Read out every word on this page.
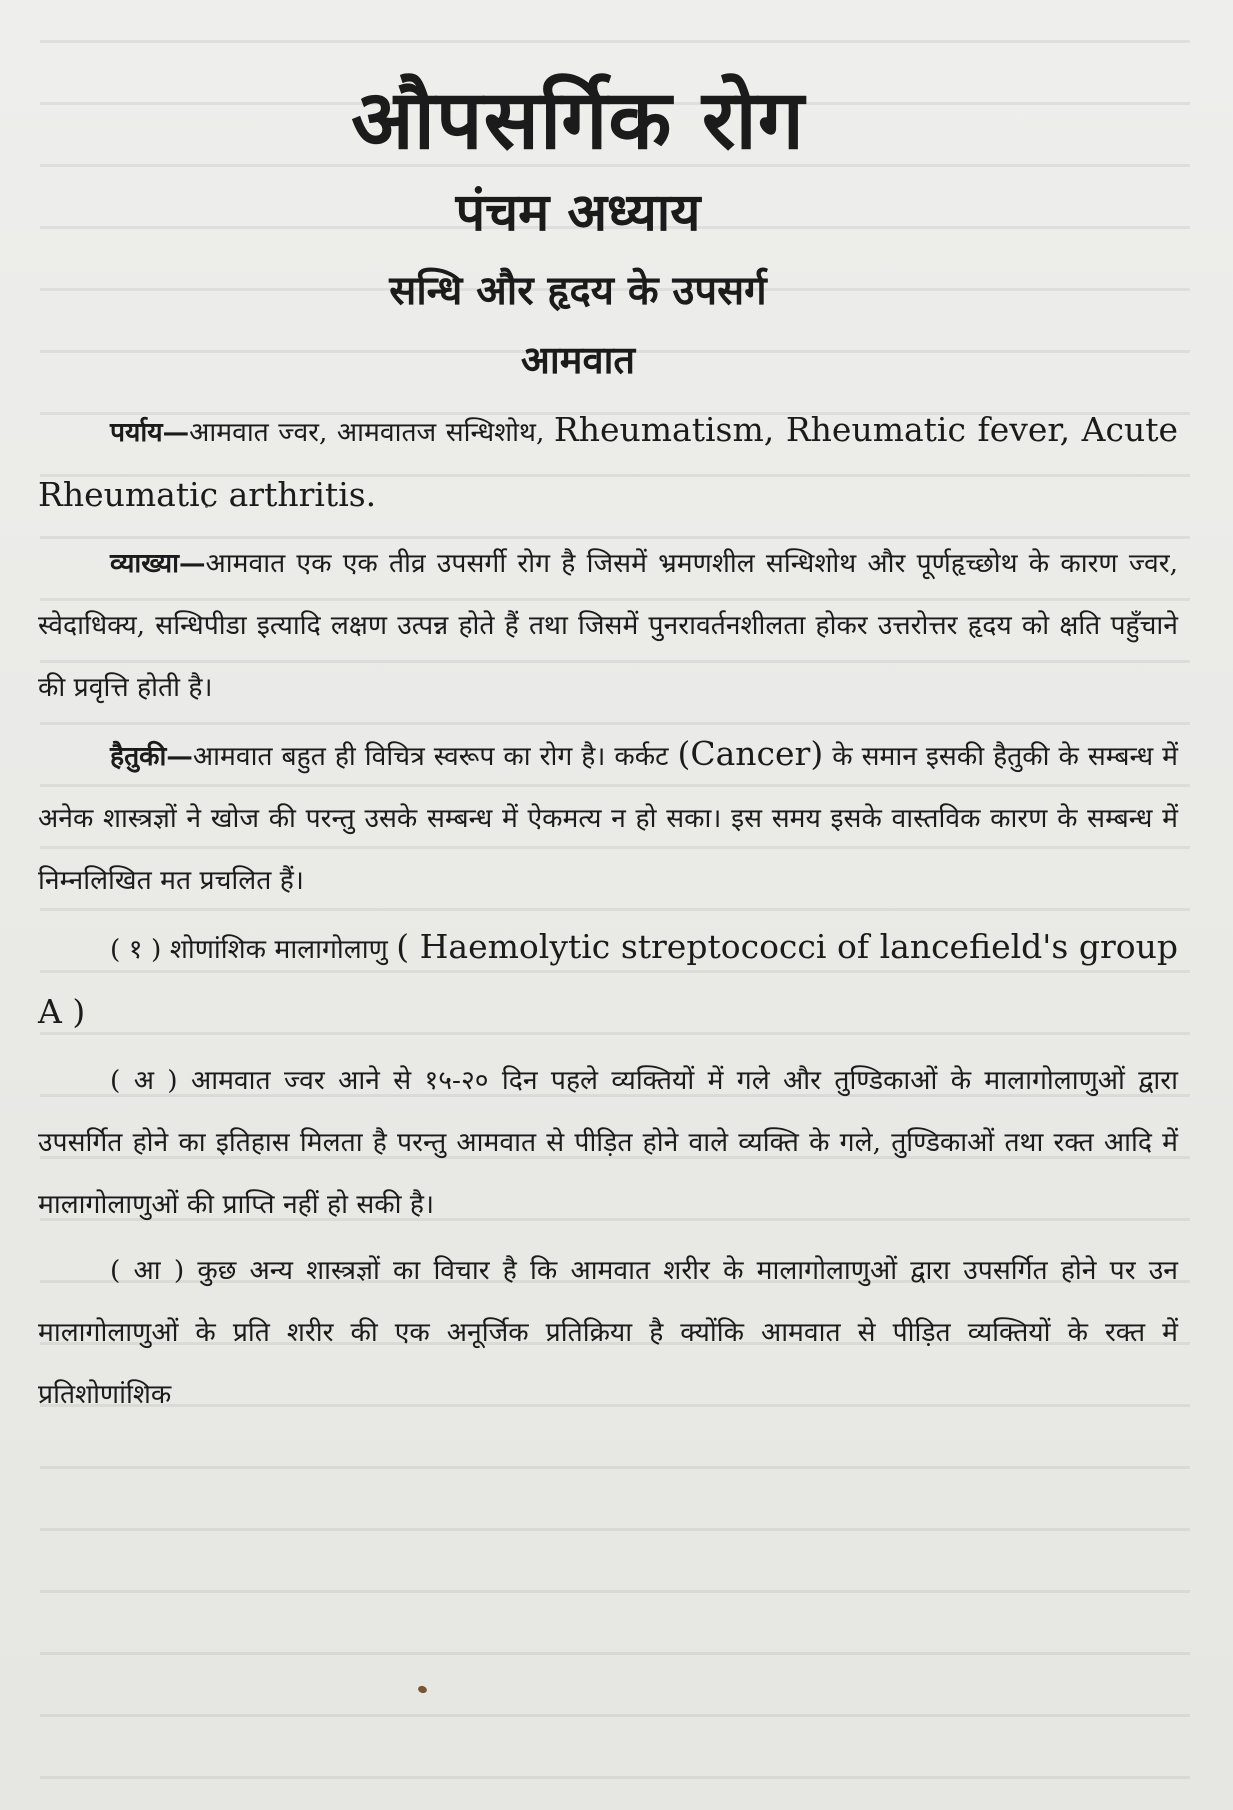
औपसर्गिक रोग
पंचम अध्याय
सन्धि और हृदय के उपसर्ग
आमवात

पर्याय—आमवात ज्वर, आमवातज सन्धिशोथ, Rheumatism, Rheumatic fever, Acute Rheumatic arthritis.

व्याख्या—आमवात एक एक तीव्र उपसर्गी रोग है जिसमें भ्रमणशील सन्धिशोथ और पूर्णहृच्छोथ के कारण ज्वर, स्वेदाधिक्य, सन्धिपीडा इत्यादि लक्षण उत्पन्न होते हैं तथा जिसमें पुनरावर्तनशीलता होकर उत्तरोत्तर हृदय को क्षति पहुँचाने की प्रवृत्ति होती है।

हैतुकी—आमवात बहुत ही विचित्र स्वरूप का रोग है। कर्कट (Cancer) के समान इसकी हैतुकी के सम्बन्ध में अनेक शास्त्रज्ञों ने खोज की परन्तु उसके सम्बन्ध में ऐकमत्य न हो सका। इस समय इसके वास्तविक कारण के सम्बन्ध में निम्नलिखित मत प्रचलित हैं।

( १ ) शोणांशिक मालागोलाणु ( Haemolytic streptococci of lancefield's group A )

( अ ) आमवात ज्वर आने से १५-२० दिन पहले व्यक्तियों में गले और तुण्डिकाओं के मालागोलाणुओं द्वारा उपसर्गित होने का इतिहास मिलता है परन्तु आमवात से पीड़ित होने वाले व्यक्ति के गले, तुण्डिकाओं तथा रक्त आदि में मालागोलाणुओं की प्राप्ति नहीं हो सकी है।

( आ ) कुछ अन्य शास्त्रज्ञों का विचार है कि आमवात शरीर के मालागोलाणुओं द्वारा उपसर्गित होने पर उन मालागोलाणुओं के प्रति शरीर की एक अनूर्जिक प्रतिक्रिया है क्योंकि आमवात से पीड़ित व्यक्तियों के रक्त में प्रतिशोणांशिक
